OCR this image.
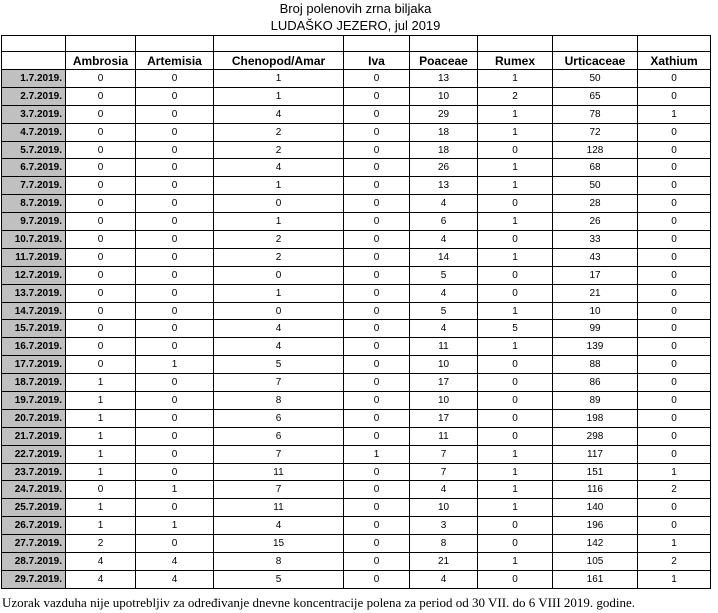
Broj polenovih zrna biljaka
LUDAŠKO JEZERO, jul 2019

	Ambrosia	Artemisia	Chenopod/Amar	Iva	Poaceae	Rumex	Urticaceae	Xathium
1.7.2019.	0	0	1	0	13	1	50	0
2.7.2019.	0	0	1	0	10	2	65	0
3.7.2019.	0	0	4	0	29	1	78	1
4.7.2019.	0	0	2	0	18	1	72	0
5.7.2019.	0	0	2	0	18	0	128	0
6.7.2019.	0	0	4	0	26	1	68	0
7.7.2019.	0	0	1	0	13	1	50	0
8.7.2019.	0	0	0	0	4	0	28	0
9.7.2019.	0	0	1	0	6	1	26	0
10.7.2019.	0	0	2	0	4	0	33	0
11.7.2019.	0	0	2	0	14	1	43	0
12.7.2019.	0	0	0	0	5	0	17	0
13.7.2019.	0	0	1	0	4	0	21	0
14.7.2019.	0	0	0	0	5	1	10	0
15.7.2019.	0	0	4	0	4	5	99	0
16.7.2019.	0	0	4	0	11	1	139	0
17.7.2019.	0	1	5	0	10	0	88	0
18.7.2019.	1	0	7	0	17	0	86	0
19.7.2019.	1	0	8	0	10	0	89	0
20.7.2019.	1	0	6	0	17	0	198	0
21.7.2019.	1	0	6	0	11	0	298	0
22.7.2019.	1	0	7	1	7	1	117	0
23.7.2019.	1	0	11	0	7	1	151	1
24.7.2019.	0	1	7	0	4	1	116	2
25.7.2019.	1	0	11	0	10	1	140	0
26.7.2019.	1	1	4	0	3	0	196	0
27.7.2019.	2	0	15	0	8	0	142	1
28.7.2019.	4	4	8	0	21	1	105	2
29.7.2019.	4	4	5	0	4	0	161	1
Uzorak vazduha nije upotrebljiv za određivanje dnevne koncentracije polena za period od 30 VII. do 6 VIII 2019. godine.
